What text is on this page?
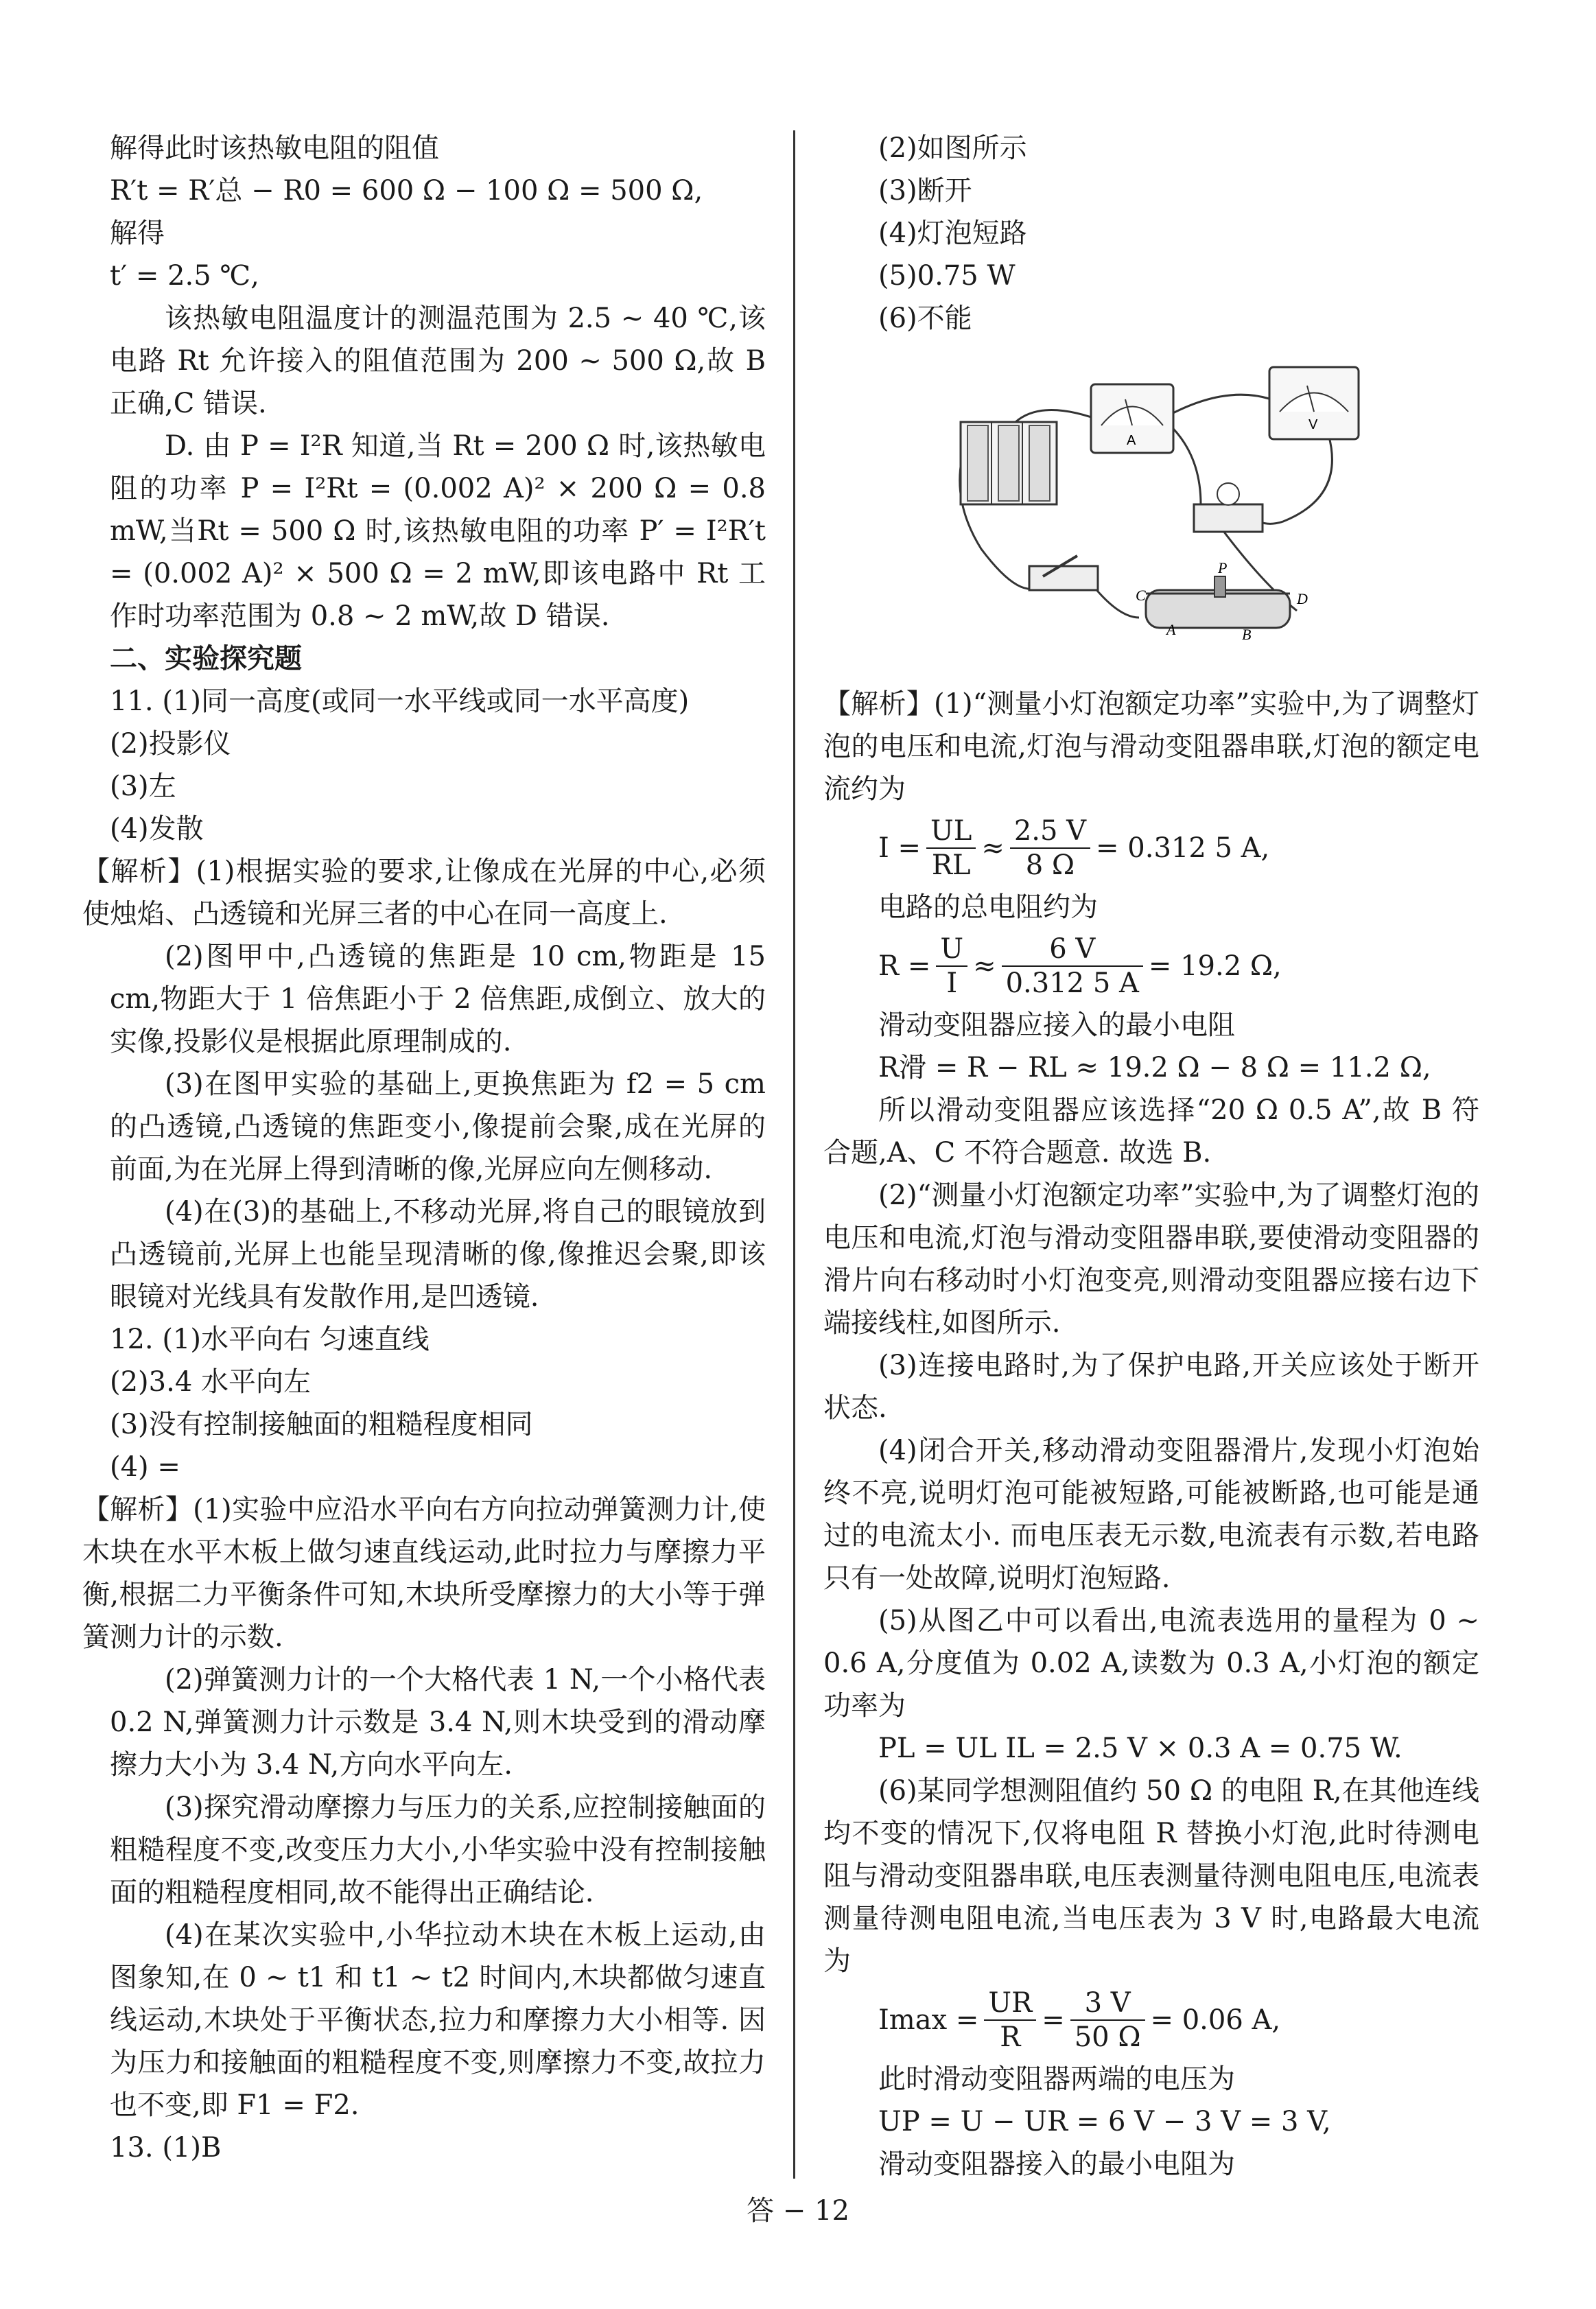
解得此时该热敏电阻的阻值
R′t = R′总 − R0 = 600 Ω − 100 Ω = 500 Ω,
解得
t′ = 2.5 ℃,
该热敏电阻温度计的测温范围为 2.5 ~ 40 ℃,该电路 Rt 允许接入的阻值范围为 200 ~ 500 Ω,故 B 正确,C 错误.
D. 由 P = I²R 知道,当 Rt = 200 Ω 时,该热敏电阻的功率 P = I²Rt = (0.002 A)² × 200 Ω = 0.8 mW,当Rt = 500 Ω 时,该热敏电阻的功率 P′ = I²R′t = (0.002 A)² × 500 Ω = 2 mW,即该电路中 Rt 工作时功率范围为 0.8 ~ 2 mW,故 D 错误.
二、实验探究题
11. (1)同一高度(或同一水平线或同一水平高度)
(2)投影仪
(3)左
(4)发散
【解析】(1)根据实验的要求,让像成在光屏的中心,必须使烛焰、凸透镜和光屏三者的中心在同一高度上.
(2)图甲中,凸透镜的焦距是 10 cm,物距是 15 cm,物距大于 1 倍焦距小于 2 倍焦距,成倒立、放大的实像,投影仪是根据此原理制成的.
(3)在图甲实验的基础上,更换焦距为 f2 = 5 cm 的凸透镜,凸透镜的焦距变小,像提前会聚,成在光屏的前面,为在光屏上得到清晰的像,光屏应向左侧移动.
(4)在(3)的基础上,不移动光屏,将自己的眼镜放到凸透镜前,光屏上也能呈现清晰的像,像推迟会聚,即该眼镜对光线具有发散作用,是凹透镜.
12. (1)水平向右 匀速直线
(2)3.4 水平向左
(3)没有控制接触面的粗糙程度相同
(4) =
【解析】(1)实验中应沿水平向右方向拉动弹簧测力计,使木块在水平木板上做匀速直线运动,此时拉力与摩擦力平衡,根据二力平衡条件可知,木块所受摩擦力的大小等于弹簧测力计的示数.
(2)弹簧测力计的一个大格代表 1 N,一个小格代表 0.2 N,弹簧测力计示数是 3.4 N,则木块受到的滑动摩擦力大小为 3.4 N,方向水平向左.
(3)探究滑动摩擦力与压力的关系,应控制接触面的粗糙程度不变,改变压力大小,小华实验中没有控制接触面的粗糙程度相同,故不能得出正确结论.
(4)在某次实验中,小华拉动木块在木板上运动,由图象知,在 0 ~ t1 和 t1 ~ t2 时间内,木块都做匀速直线运动,木块处于平衡状态,拉力和摩擦力大小相等. 因为压力和接触面的粗糙程度不变,则摩擦力不变,故拉力也不变,即 F1 = F2.
13. (1)B
(2)如图所示
(3)断开
(4)灯泡短路
(5)0.75 W
(6)不能
【解析】(1)“测量小灯泡额定功率”实验中,为了调整灯泡的电压和电流,灯泡与滑动变阻器串联,灯泡的额定电流约为
$I = \frac{UL}{RL} \approx \frac{2.5 V}{8 \Omega} = 0.312$ 5 A,
电路的总电阻约为
$R = \frac{U}{I} \approx \frac{6 V}{0.312 5 A} = 19.2$ Ω,
滑动变阻器应接入的最小电阻
R滑 = R − RL ≈ 19.2 Ω − 8 Ω = 11.2 Ω,
所以滑动变阻器应该选择“20 Ω 0.5 A”,故 B 符合题,A、C 不符合题意. 故选 B.
(2)“测量小灯泡额定功率”实验中,为了调整灯泡的电压和电流,灯泡与滑动变阻器串联,要使滑动变阻器的滑片向右移动时小灯泡变亮,则滑动变阻器应接右边下端接线柱,如图所示.
(3)连接电路时,为了保护电路,开关应该处于断开状态.
(4)闭合开关,移动滑动变阻器滑片,发现小灯泡始终不亮,说明灯泡可能被短路,可能被断路,也可能是通过的电流太小. 而电压表无示数,电流表有示数,若电路只有一处故障,说明灯泡短路.
(5)从图乙中可以看出,电流表选用的量程为 0 ~ 0.6 A,分度值为 0.02 A,读数为 0.3 A,小灯泡的额定功率为
PL = UL IL = 2.5 V × 0.3 A = 0.75 W.
(6)某同学想测阻值约 50 Ω 的电阻 R,在其他连线均不变的情况下,仅将电阻 R 替换小灯泡,此时待测电阻与滑动变阻器串联,电压表测量待测电阻电压,电流表测量待测电阻电流,当电压表为 3 V 时,电路最大电流为
$Imax = \frac{UR}{R} = \frac{3 V}{50 \Omega} = 0.06$ A,
此时滑动变阻器两端的电压为
UP = U − UR = 6 V − 3 V = 3 V,
滑动变阻器接入的最小电阻为
A
V
P
C	D
A	B
答 − 12
